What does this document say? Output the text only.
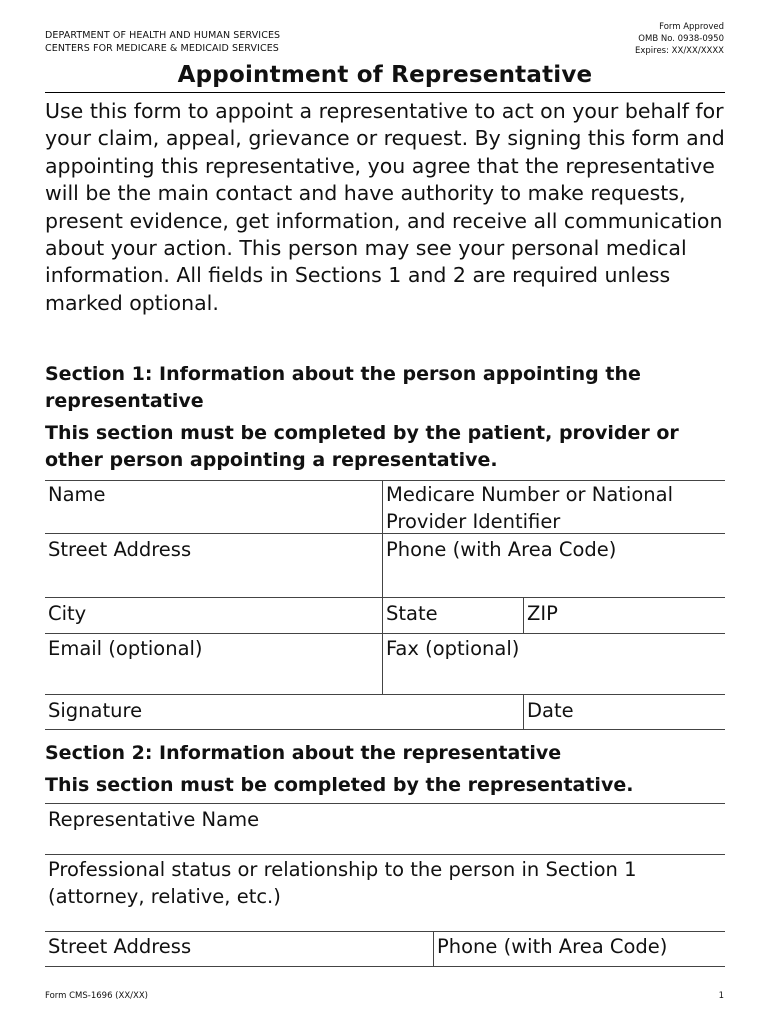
DEPARTMENT OF HEALTH AND HUMAN SERVICES
CENTERS FOR MEDICARE & MEDICAID SERVICES
Form Approved
OMB No. 0938-0950
Expires: XX/XX/XXXX
Appointment of Representative

Use this form to appoint a representative to act on your behalf for your claim, appeal, grievance or request. By signing this form and appointing this representative, you agree that the representative will be the main contact and have authority to make requests, present evidence, get information, and receive all communication about your action. This person may see your personal medical information. All fields in Sections 1 and 2 are required unless marked optional.

Section 1: Information about the person appointing the representative

This section must be completed by the patient, provider or other person appointing a representative.

Name	Medicare Number or National Provider Identifier
Street Address	Phone (with Area Code)
City	State	ZIP
Email (optional)	Fax (optional)
Signature	Date

Section 2: Information about the representative

This section must be completed by the representative.

Representative Name
Professional status or relationship to the person in Section 1 (attorney, relative, etc.)
Street Address	Phone (with Area Code)
Form CMS-1696 (XX/XX)	1
